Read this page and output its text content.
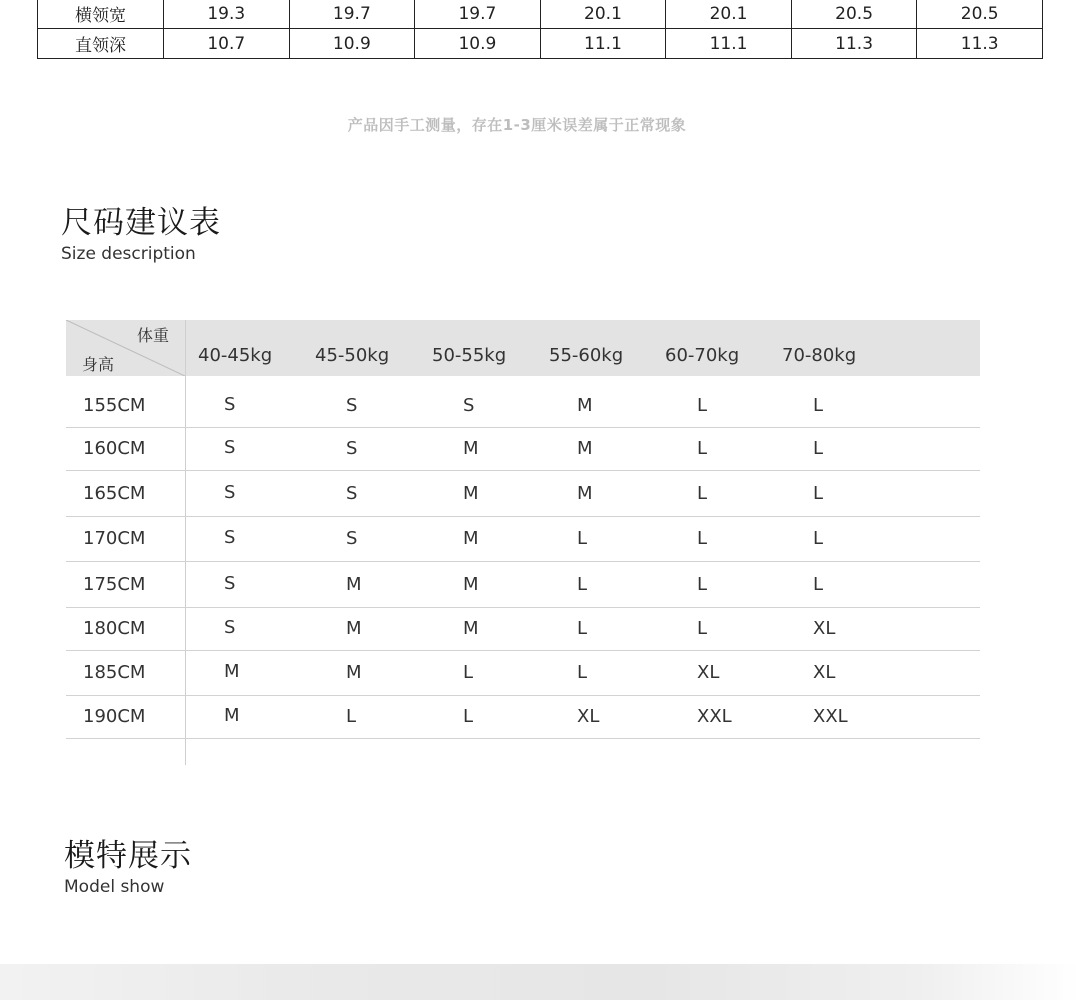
横领宽	19.3	19.7	19.7	20.1	20.1	20.5	20.5
直领深	10.7	10.9	10.9	11.1	11.1	11.3	11.3
产品因手工测量，存在1-3厘米误差属于正常现象
尺码建议表
Size description
体重
身高	40-45kg 45-50kg 50-55kg 55-60kg 60-70kg 70-80kg
155CM	S	S	S	M	L	L
160CM	S	S	M	M	L	L
165CM	S	S	M	M	L	L
170CM	S	S	M	L	L	L
175CM	S	M	M	L	L	L
180CM	S	M	M	L	L	XL
185CM	M	M	L	L	XL	XL
190CM	M	L	L	XL	XXL	XXL
模特展示
Model show
